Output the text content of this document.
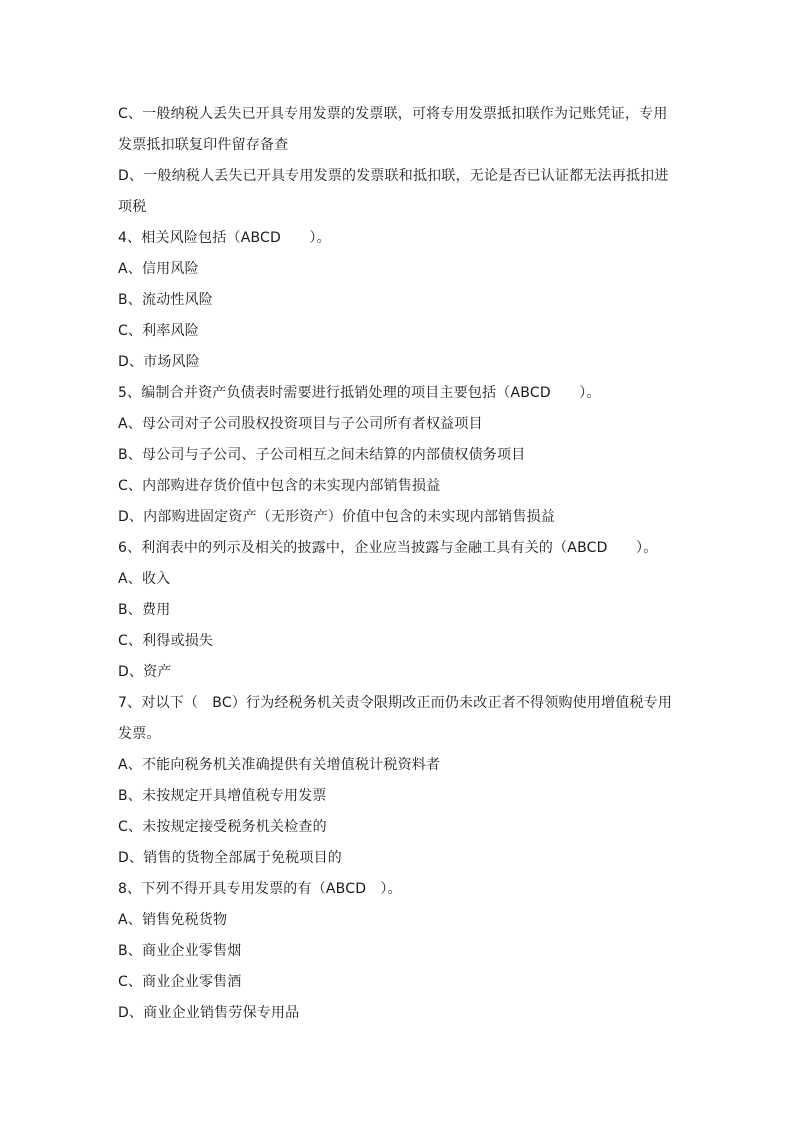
C、一般纳税人丢失已开具专用发票的发票联，可将专用发票抵扣联作为记账凭证，专用
发票抵扣联复印件留存备查
D、一般纳税人丢失已开具专用发票的发票联和抵扣联，无论是否已认证都无法再抵扣进
项税
4、相关风险包括（ABCD　　）。
A、信用风险
B、流动性风险
C、利率风险
D、市场风险
5、编制合并资产负债表时需要进行抵销处理的项目主要包括（ABCD　　）。
A、母公司对子公司股权投资项目与子公司所有者权益项目
B、母公司与子公司、子公司相互之间未结算的内部债权债务项目
C、内部购进存货价值中包含的未实现内部销售损益
D、内部购进固定资产（无形资产）价值中包含的未实现内部销售损益
6、利润表中的列示及相关的披露中，企业应当披露与金融工具有关的（ABCD　　）。
A、收入
B、费用
C、利得或损失
D、资产
7、对以下（　BC）行为经税务机关责令限期改正而仍未改正者不得领购使用增值税专用
发票。
A、不能向税务机关准确提供有关增值税计税资料者
B、未按规定开具增值税专用发票
C、未按规定接受税务机关检查的
D、销售的货物全部属于免税项目的
8、下列不得开具专用发票的有（ABCD　）。
A、销售免税货物
B、商业企业零售烟
C、商业企业零售酒
D、商业企业销售劳保专用品
